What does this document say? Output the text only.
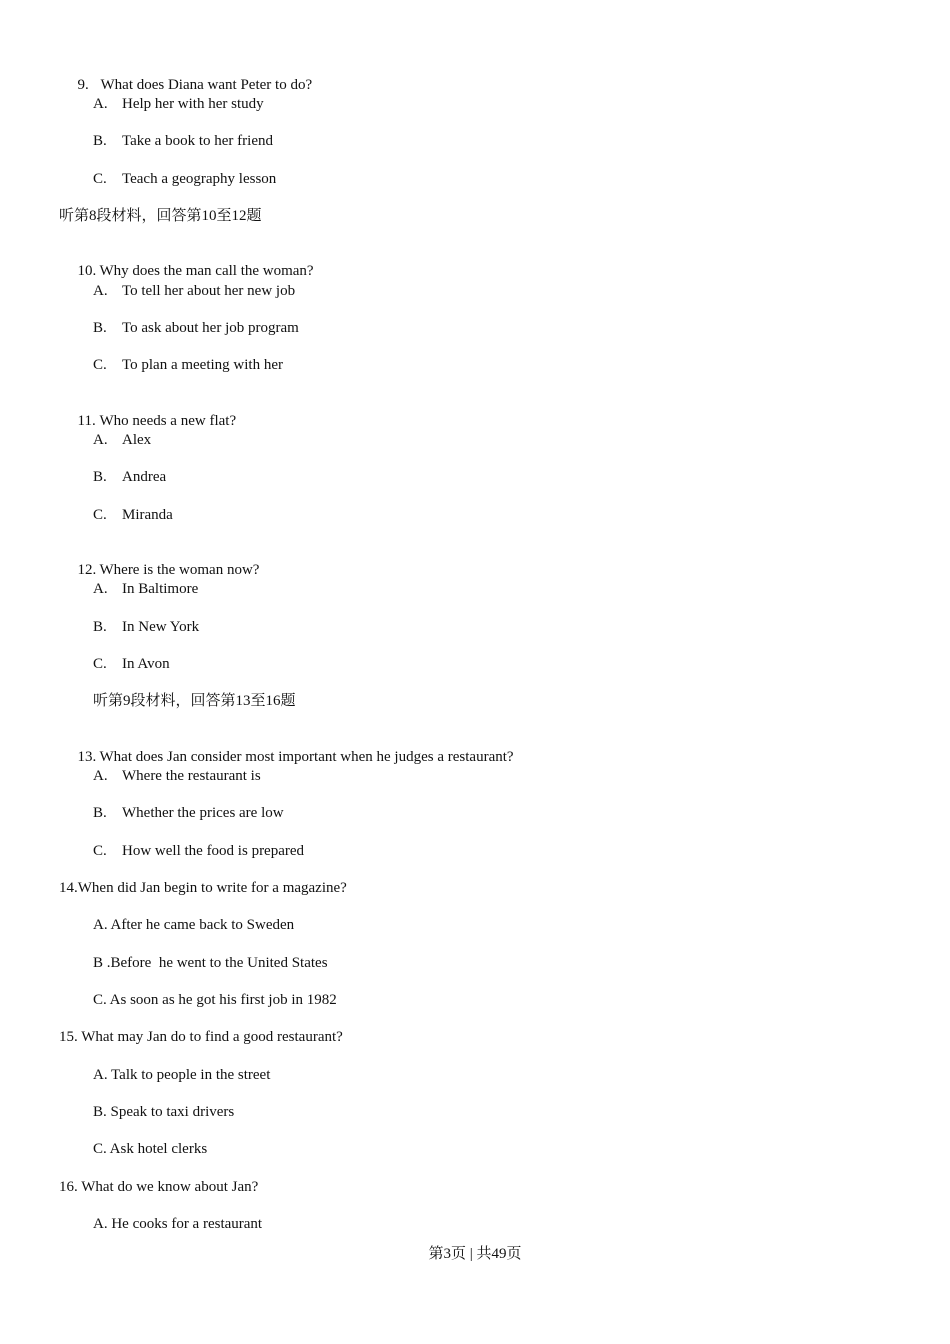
9. What does Diana want Peter to do?

A. Help her with her study
B. Take a book to her friend
C. Teach a geography lesson
听第8段材料，回答第10至12题

10. Why does the man call the woman?

A. To tell her about her new job
B. To ask about her job program
C. To plan a meeting with her

11. Who needs a new flat?

A. Alex
B. Andrea
C. Miranda

12. Where is the woman now?

A. In Baltimore
B. In New York
C. In Avon
听第9段材料，回答第13至16题

13. What does Jan consider most important when he judges a restaurant?

A. Where the restaurant is
B. Whether the prices are low
C. How well the food is prepared
14.When did Jan begin to write for a magazine?
A. After he came back to Sweden
B .Before  he went to the United States
C. As soon as he got his first job in 1982
15. What may Jan do to find a good restaurant?
A. Talk to people in the street
B. Speak to taxi drivers
C. Ask hotel clerks
16. What do we know about Jan?
A. He cooks for a restaurant
第3页 | 共49页
